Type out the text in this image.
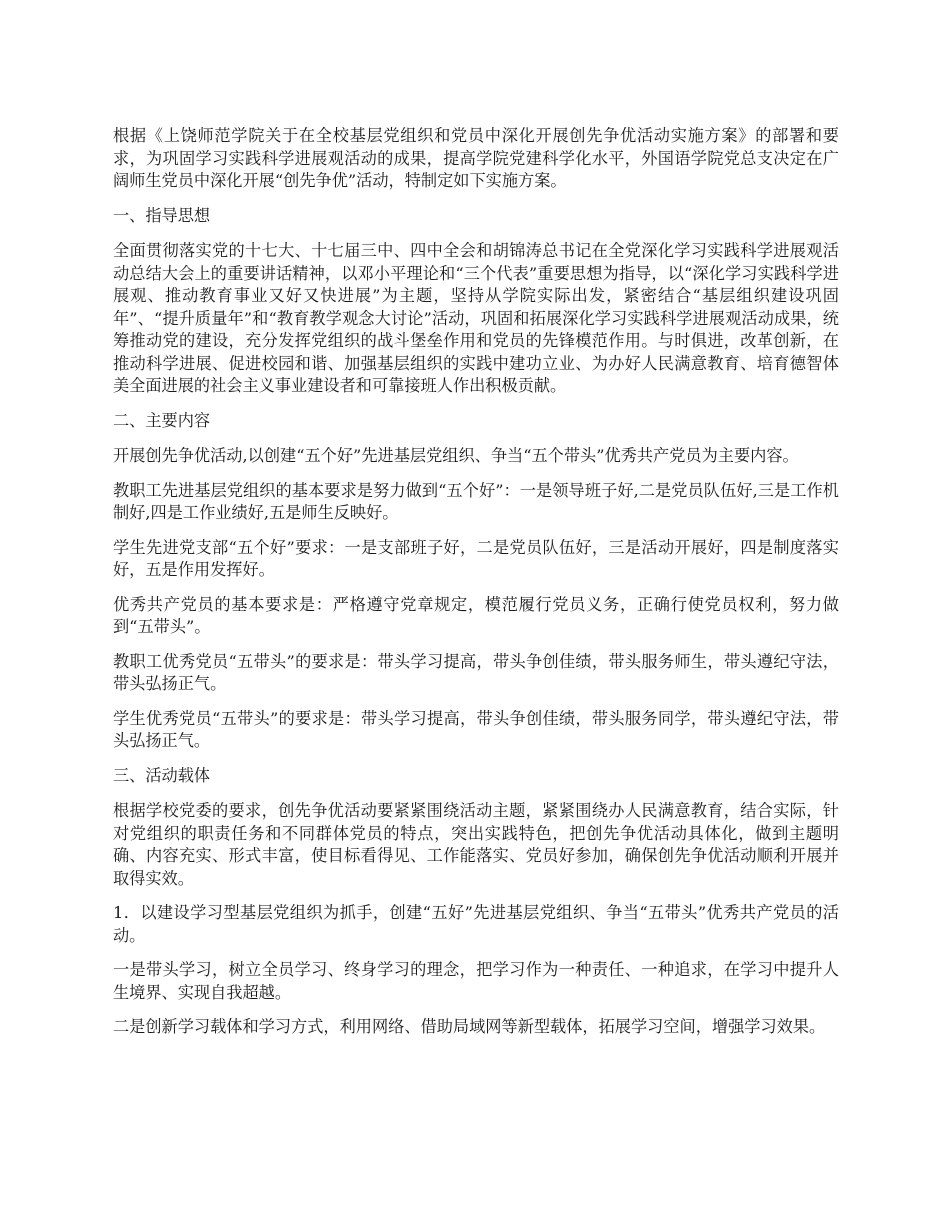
根据《上饶师范学院关于在全校基层党组织和党员中深化开展创先争优活动实施方案》的部署和要求，为巩固学习实践科学进展观活动的成果，提高学院党建科学化水平，外国语学院党总支决定在广阔师生党员中深化开展“创先争优”活动，特制定如下实施方案。

一、指导思想

全面贯彻落实党的十七大、十七届三中、四中全会和胡锦涛总书记在全党深化学习实践科学进展观活动总结大会上的重要讲话精神，以邓小平理论和“三个代表”重要思想为指导，以“深化学习实践科学进展观、推动教育事业又好又快进展”为主题，坚持从学院实际出发，紧密结合“基层组织建设巩固年”、“提升质量年”和“教育教学观念大讨论”活动，巩固和拓展深化学习实践科学进展观活动成果，统筹推动党的建设，充分发挥党组织的战斗堡垒作用和党员的先锋模范作用。与时俱进，改革创新，在推动科学进展、促进校园和谐、加强基层组织的实践中建功立业、为办好人民满意教育、培育德智体美全面进展的社会主义事业建设者和可靠接班人作出积极贡献。

二、主要内容

开展创先争优活动,以创建“五个好”先进基层党组织、争当“五个带头”优秀共产党员为主要内容。

教职工先进基层党组织的基本要求是努力做到“五个好”：一是领导班子好,二是党员队伍好,三是工作机制好,四是工作业绩好,五是师生反映好。

学生先进党支部“五个好”要求：一是支部班子好，二是党员队伍好，三是活动开展好，四是制度落实好，五是作用发挥好。

优秀共产党员的基本要求是：严格遵守党章规定，模范履行党员义务，正确行使党员权利，努力做到“五带头”。

教职工优秀党员“五带头”的要求是：带头学习提高，带头争创佳绩，带头服务师生，带头遵纪守法，带头弘扬正气。

学生优秀党员“五带头”的要求是：带头学习提高，带头争创佳绩，带头服务同学，带头遵纪守法，带头弘扬正气。

三、活动载体

根据学校党委的要求，创先争优活动要紧紧围绕活动主题，紧紧围绕办人民满意教育，结合实际，针对党组织的职责任务和不同群体党员的特点，突出实践特色，把创先争优活动具体化，做到主题明确、内容充实、形式丰富，使目标看得见、工作能落实、党员好参加，确保创先争优活动顺利开展并取得实效。

1．以建设学习型基层党组织为抓手，创建“五好”先进基层党组织、争当“五带头”优秀共产党员的活动。

一是带头学习，树立全员学习、终身学习的理念，把学习作为一种责任、一种追求，在学习中提升人生境界、实现自我超越。

二是创新学习载体和学习方式，利用网络、借助局域网等新型载体，拓展学习空间，增强学习效果。
